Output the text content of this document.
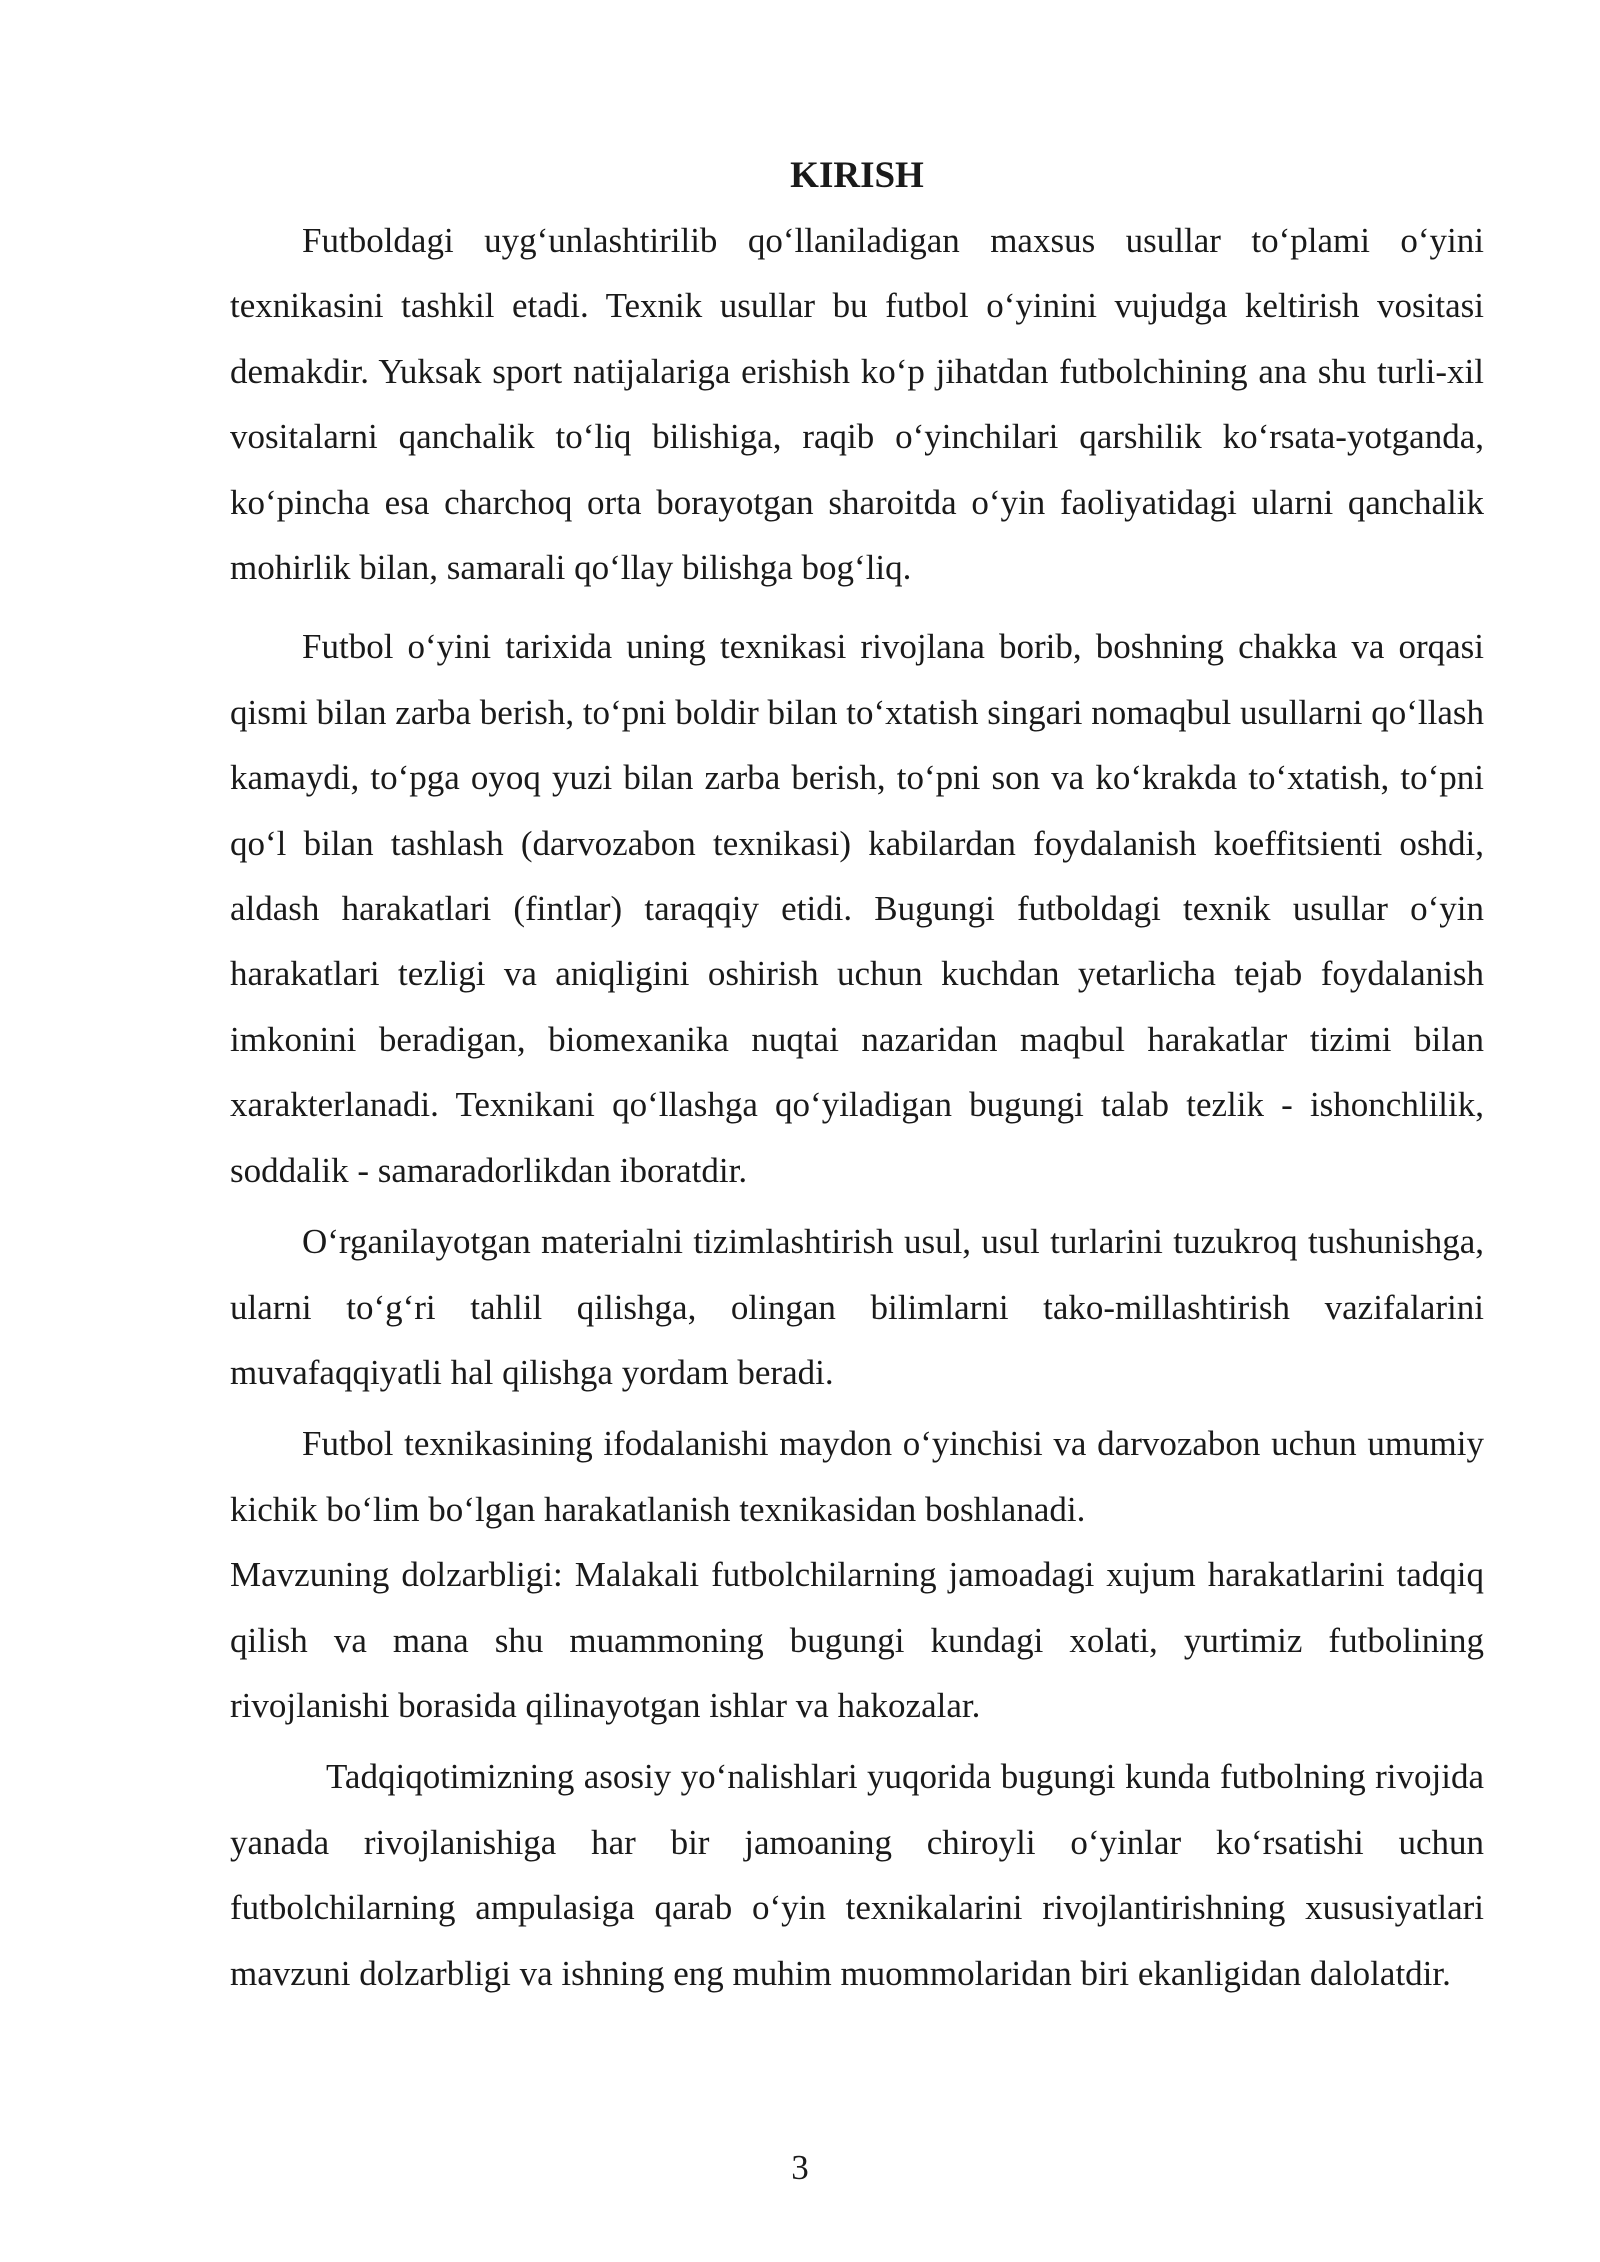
KIRISH

Futboldagi uyg‘unlashtirilib qo‘llaniladigan maxsus usullar to‘plami o‘yini texnikasini tashkil etadi. Texnik usullar bu futbol o‘yinini vujudga keltirish vositasi demakdir. Yuksak sport natijalariga erishish ko‘p jihatdan futbolchining ana shu turli-xil vositalarni qanchalik to‘liq bilishiga, raqib o‘yinchilari qarshilik ko‘rsata-yotganda, ko‘pincha esa charchoq orta borayotgan sharoitda o‘yin faoliyatidagi ularni qanchalik mohirlik bilan, samarali qo‘llay bilishga bog‘liq.

Futbol o‘yini tarixida uning texnikasi rivojlana borib, boshning chakka va orqasi qismi bilan zarba berish, to‘pni boldir bilan to‘xtatish singari nomaqbul usullarni qo‘llash kamaydi, to‘pga oyoq yuzi bilan zarba berish, to‘pni son va ko‘krakda to‘xtatish, to‘pni qo‘l bilan tashlash (darvozabon texnikasi) kabilardan foydalanish koeffitsienti oshdi, aldash harakatlari (fintlar) taraqqiy etidi. Bugungi futboldagi texnik usullar o‘yin harakatlari tezligi va aniqligini oshirish uchun kuchdan yetarlicha tejab foydalanish imkonini beradigan, biomexanika nuqtai nazaridan maqbul harakatlar tizimi bilan xarakterlanadi. Texnikani qo‘llashga qo‘yiladigan bugungi talab tezlik - ishonchlilik, soddalik - samaradorlikdan iboratdir.

O‘rganilayotgan materialni tizimlashtirish usul, usul turlarini tuzukroq tushunishga, ularni to‘g‘ri tahlil qilishga, olingan bilimlarni tako-millashtirish vazifalarini muvafaqqiyatli hal qilishga yordam beradi.

Futbol texnikasining ifodalanishi maydon o‘yinchisi va darvozabon uchun umumiy kichik bo‘lim bo‘lgan harakatlanish texnikasidan boshlanadi.

Mavzuning dolzarbligi: Malakali futbolchilarning jamoadagi xujum harakatlarini tadqiq qilish va mana shu muammoning bugungi kundagi xolati, yurtimiz futbolining rivojlanishi borasida qilinayotgan ishlar va hakozalar.

Tadqiqotimizning asosiy yo‘nalishlari yuqorida bugungi kunda futbolning rivojida yanada rivojlanishiga har bir jamoaning chiroyli o‘yinlar ko‘rsatishi uchun futbolchilarning ampulasiga qarab o‘yin texnikalarini rivojlantirishning xususiyatlari mavzuni dolzarbligi va ishning eng muhim muommolaridan biri ekanligidan dalolatdir.

3
